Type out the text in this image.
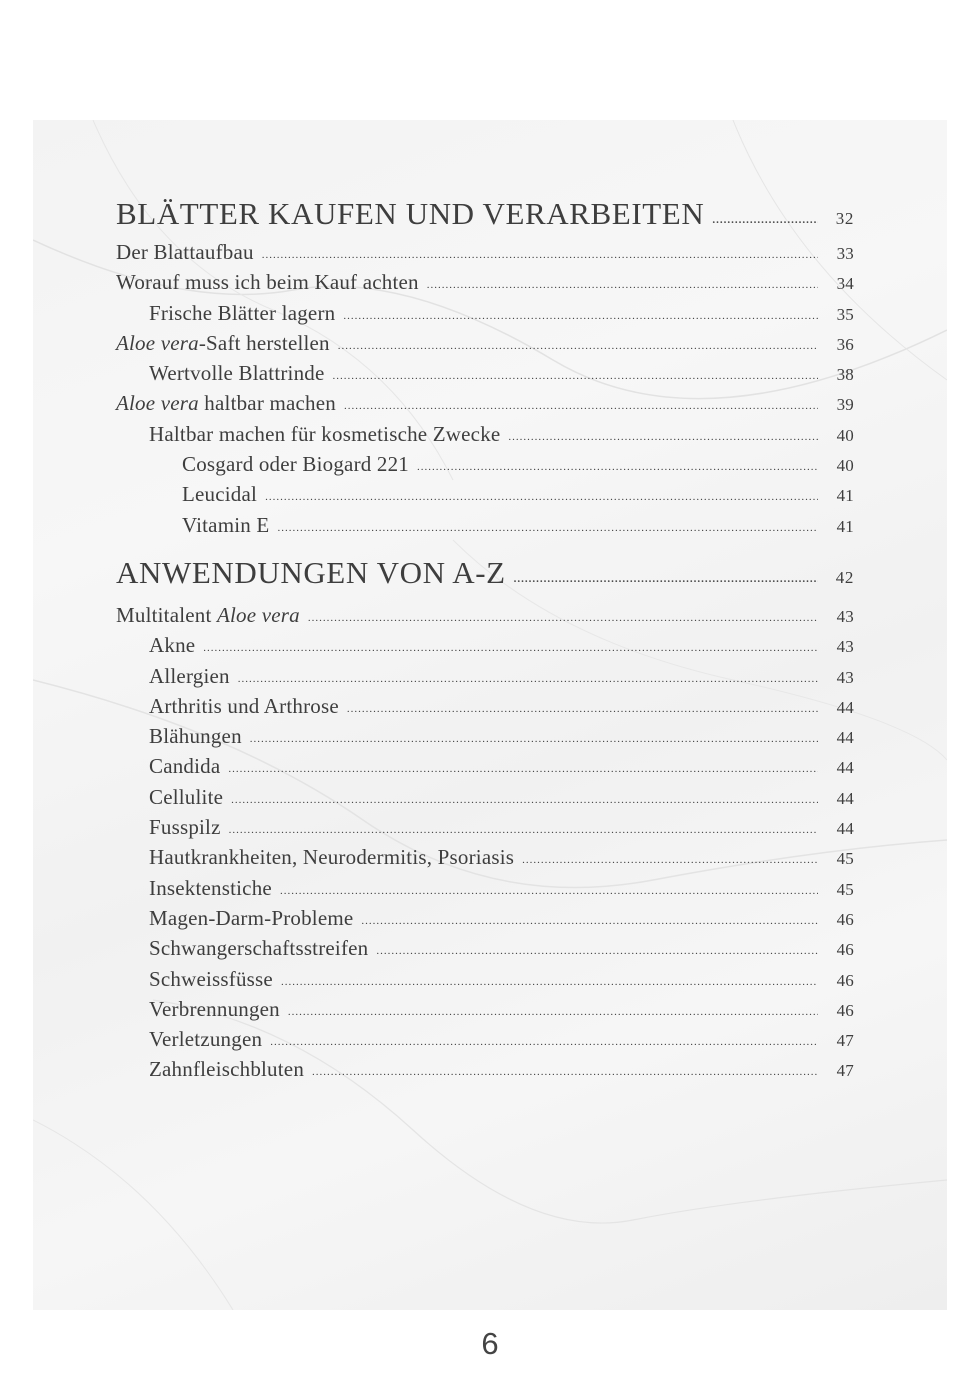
BLÄTTER KAUFEN UND VERARBEITEN .....	32
Der Blattaufbau .....	33
Worauf muss ich beim Kauf achten .....	34
Frische Blätter lagern .....	35
Aloe vera-Saft herstellen .....	36
Wertvolle Blattrinde .....	38
Aloe vera haltbar machen .....	39
Haltbar machen für kosmetische Zwecke .....	40
Cosgard oder Biogard 221 .....	40
Leucidal .....	41
Vitamin E .....	41
ANWENDUNGEN VON A-Z .....	42
Multitalent Aloe vera .....	43
Akne .....	43
Allergien .....	43
Arthritis und Arthrose .....	44
Blähungen .....	44
Candida .....	44
Cellulite .....	44
Fusspilz .....	44
Hautkrankheiten, Neurodermitis, Psoriasis .....	45
Insektenstiche .....	45
Magen-Darm-Probleme .....	46
Schwangerschaftsstreifen .....	46
Schweissfüsse .....	46
Verbrennungen .....	46
Verletzungen .....	47
Zahnfleischbluten .....	47
6
